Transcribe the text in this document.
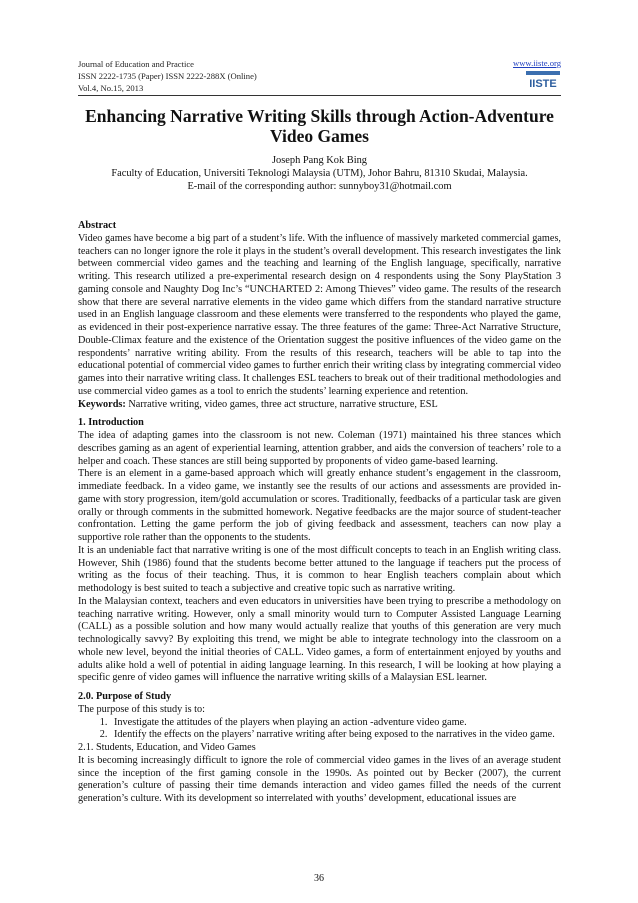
Journal of Education and Practice
ISSN 2222-1735 (Paper) ISSN 2222-288X (Online)
Vol.4, No.15, 2013
www.iiste.org
IISTE
Enhancing Narrative Writing Skills through Action-Adventure Video Games
Joseph Pang Kok Bing
Faculty of Education, Universiti Teknologi Malaysia (UTM), Johor Bahru, 81310 Skudai, Malaysia.
E-mail of the corresponding author: sunnyboy31@hotmail.com

Abstract

Video games have become a big part of a student’s life. With the influence of massively marketed commercial games, teachers can no longer ignore the role it plays in the student’s overall development. This research investigates the link between commercial video games and the teaching and learning of the English language, specifically, narrative writing. This research utilized a pre-experimental research design on 4 respondents using the Sony PlayStation 3 gaming console and Naughty Dog Inc’s “UNCHARTED 2: Among Thieves” video game. The results of the research show that there are several narrative elements in the video game which differs from the standard narrative structure used in an English language classroom and these elements were transferred to the respondents who played the game, as evidenced in their post-experience narrative essay. The three features of the game: Three-Act Narrative Structure, Double-Climax feature and the existence of the Orientation suggest the positive influences of the video game on the respondents’ narrative writing ability. From the results of this research, teachers will be able to tap into the educational potential of commercial video games to further enrich their writing class by integrating commercial video games into their narrative writing class. It challenges ESL teachers to break out of their traditional methodologies and use commercial video games as a tool to enrich the students’ learning experience and retention.

Keywords: Narrative writing, video games, three act structure, narrative structure, ESL

1. Introduction

The idea of adapting games into the classroom is not new. Coleman (1971) maintained his three stances which describes gaming as an agent of experiential learning, attention grabber, and aids the conversion of teachers’ role to a helper and coach. These stances are still being supported by proponents of video game-based learning.

There is an element in a game-based approach which will greatly enhance student’s engagement in the classroom, immediate feedback. In a video game, we instantly see the results of our actions and assessments are provided in-game with story progression, item/gold accumulation or scores. Traditionally, feedbacks of a particular task are given orally or through comments in the submitted homework. Negative feedbacks are the major source of student-teacher confrontation. Letting the game perform the job of giving feedback and assessment, teachers can now play a supportive role rather than the opponents to the students.

It is an undeniable fact that narrative writing is one of the most difficult concepts to teach in an English writing class. However, Shih (1986) found that the students become better attuned to the language if teachers put the process of writing as the focus of their teaching. Thus, it is common to hear English teachers complain about which methodology is best suited to teach a subjective and creative topic such as narrative writing.

In the Malaysian context, teachers and even educators in universities have been trying to prescribe a methodology on teaching narrative writing. However, only a small minority would turn to Computer Assisted Language Learning (CALL) as a possible solution and how many would actually realize that youths of this generation are very much technologically savvy? By exploiting this trend, we might be able to integrate technology into the classroom on a whole new level, beyond the initial theories of CALL. Video games, a form of entertainment enjoyed by youths and adults alike hold a well of potential in aiding language learning. In this research, I will be looking at how playing a specific genre of video games will influence the narrative writing skills of a Malaysian ESL learner.

2.0. Purpose of Study

The purpose of this study is to:

1. Investigate the attitudes of the players when playing an action -adventure video game.
2. Identify the effects on the players’ narrative writing after being exposed to the narratives in the video game.

2.1. Students, Education, and Video Games

It is becoming increasingly difficult to ignore the role of commercial video games in the lives of an average student since the inception of the first gaming console in the 1990s. As pointed out by Becker (2007), the current generation’s culture of passing their time demands interaction and video games filled the needs of the current generation’s culture. With its development so interrelated with youths’ development, educational issues are

36
